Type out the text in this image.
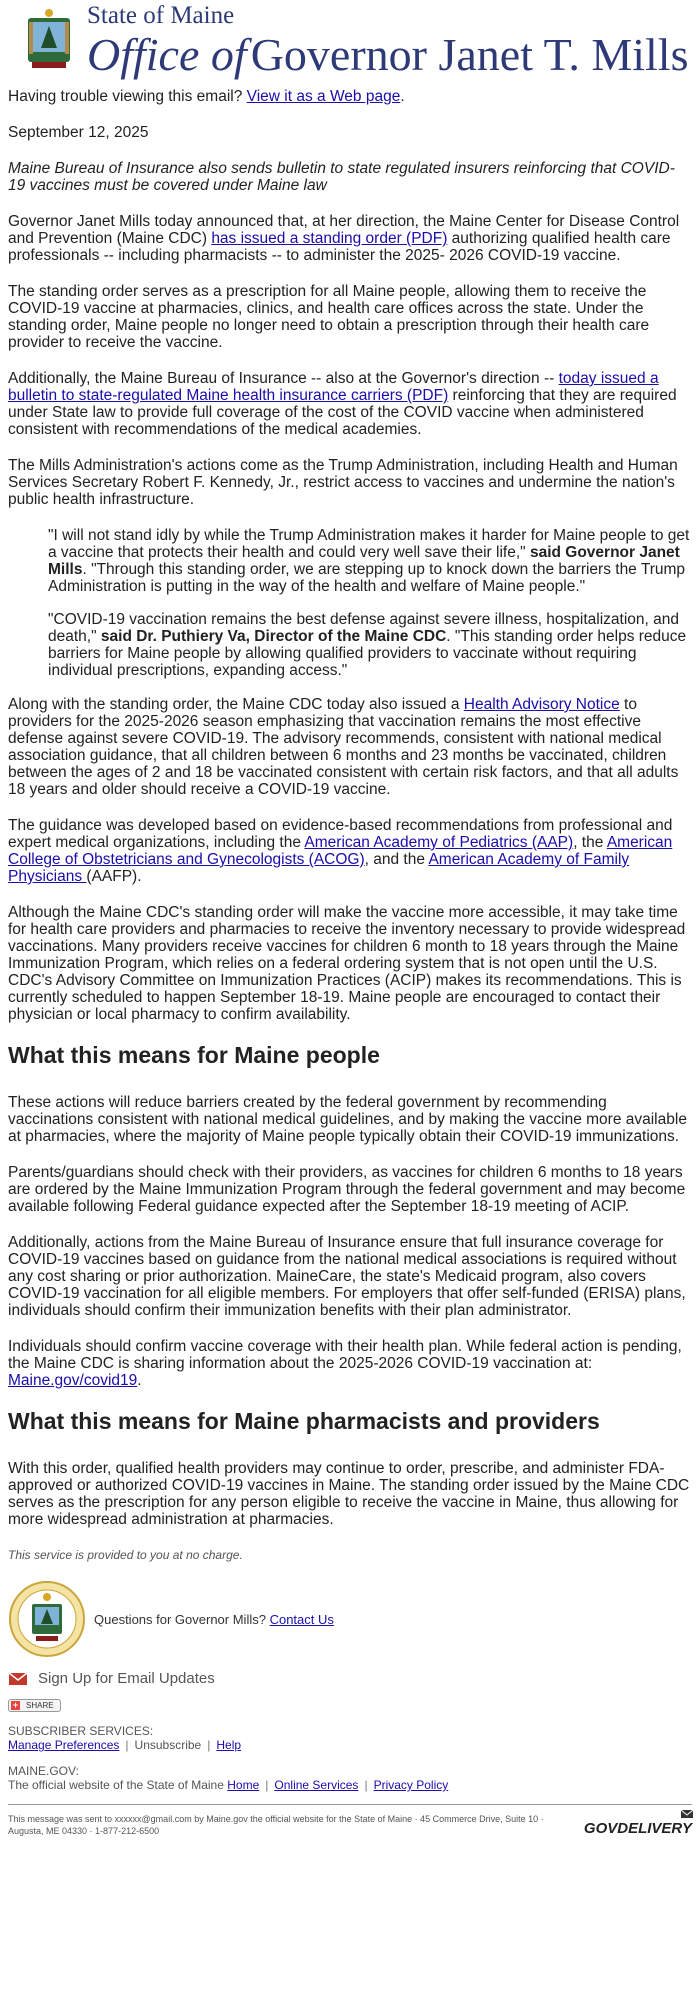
State of Maine
Office ofGovernor Janet T. Mills

Having trouble viewing this email? View it as a Web page.

September 12, 2025

Maine Bureau of Insurance also sends bulletin to state regulated insurers reinforcing that COVID-19 vaccines must be covered under Maine law

Governor Janet Mills today announced that, at her direction, the Maine Center for Disease Control and Prevention (Maine CDC) has issued a standing order (PDF) authorizing qualified health care professionals -- including pharmacists -- to administer the 2025- 2026 COVID-19 vaccine.

The standing order serves as a prescription for all Maine people, allowing them to receive the COVID-19 vaccine at pharmacies, clinics, and health care offices across the state. Under the standing order, Maine people no longer need to obtain a prescription through their health care provider to receive the vaccine.

Additionally, the Maine Bureau of Insurance -- also at the Governor's direction -- today issued a bulletin to state-regulated Maine health insurance carriers (PDF) reinforcing that they are required under State law to provide full coverage of the cost of the COVID vaccine when administered consistent with recommendations of the medical academies.

The Mills Administration's actions come as the Trump Administration, including Health and Human Services Secretary Robert F. Kennedy, Jr., restrict access to vaccines and undermine the nation's public health infrastructure.

"I will not stand idly by while the Trump Administration makes it harder for Maine people to get a vaccine that protects their health and could very well save their life," said Governor Janet Mills. "Through this standing order, we are stepping up to knock down the barriers the Trump Administration is putting in the way of the health and welfare of Maine people."

"COVID-19 vaccination remains the best defense against severe illness, hospitalization, and death," said Dr. Puthiery Va, Director of the Maine CDC. "This standing order helps reduce barriers for Maine people by allowing qualified providers to vaccinate without requiring individual prescriptions, expanding access."

Along with the standing order, the Maine CDC today also issued a Health Advisory Notice to providers for the 2025-2026 season emphasizing that vaccination remains the most effective defense against severe COVID-19. The advisory recommends, consistent with national medical association guidance, that all children between 6 months and 23 months be vaccinated, children between the ages of 2 and 18 be vaccinated consistent with certain risk factors, and that all adults 18 years and older should receive a COVID-19 vaccine.

The guidance was developed based on evidence-based recommendations from professional and expert medical organizations, including the American Academy of Pediatrics (AAP), the American College of Obstetricians and Gynecologists (ACOG), and the American Academy of Family Physicians (AAFP).

Although the Maine CDC's standing order will make the vaccine more accessible, it may take time for health care providers and pharmacies to receive the inventory necessary to provide widespread vaccinations. Many providers receive vaccines for children 6 month to 18 years through the Maine Immunization Program, which relies on a federal ordering system that is not open until the U.S. CDC's Advisory Committee on Immunization Practices (ACIP) makes its recommendations. This is currently scheduled to happen September 18-19. Maine people are encouraged to contact their physician or local pharmacy to confirm availability.

What this means for Maine people

These actions will reduce barriers created by the federal government by recommending vaccinations consistent with national medical guidelines, and by making the vaccine more available at pharmacies, where the majority of Maine people typically obtain their COVID-19 immunizations.

Parents/guardians should check with their providers, as vaccines for children 6 months to 18 years are ordered by the Maine Immunization Program through the federal government and may become available following Federal guidance expected after the September 18-19 meeting of ACIP.

Additionally, actions from the Maine Bureau of Insurance ensure that full insurance coverage for COVID-19 vaccines based on guidance from the national medical associations is required without any cost sharing or prior authorization. MaineCare, the state's Medicaid program, also covers COVID-19 vaccination for all eligible members. For employers that offer self-funded (ERISA) plans, individuals should confirm their immunization benefits with their plan administrator.

Individuals should confirm vaccine coverage with their health plan. While federal action is pending, the Maine CDC is sharing information about the 2025-2026 COVID-19 vaccination at: Maine.gov/covid19.

What this means for Maine pharmacists and providers

With this order, qualified health providers may continue to order, prescribe, and administer FDA-approved or authorized COVID-19 vaccines in Maine. The standing order issued by the Maine CDC serves as the prescription for any person eligible to receive the vaccine in Maine, thus allowing for more widespread administration at pharmacies.

This service is provided to you at no charge.

Questions for Governor Mills? Contact Us
Sign Up for Email Updates
+ SHARE

SUBSCRIBER SERVICES:

Manage Preferences | Unsubscribe | Help

MAINE.GOV:

The official website of the State of Maine Home | Online Services | Privacy Policy

This message was sent to xxxxxx@gmail.com by Maine.gov the official website for the State of Maine · 45 Commerce Drive, Suite 10 · Augusta, ME 04330 · 1-877-212-6500	GOVDELIVERY
